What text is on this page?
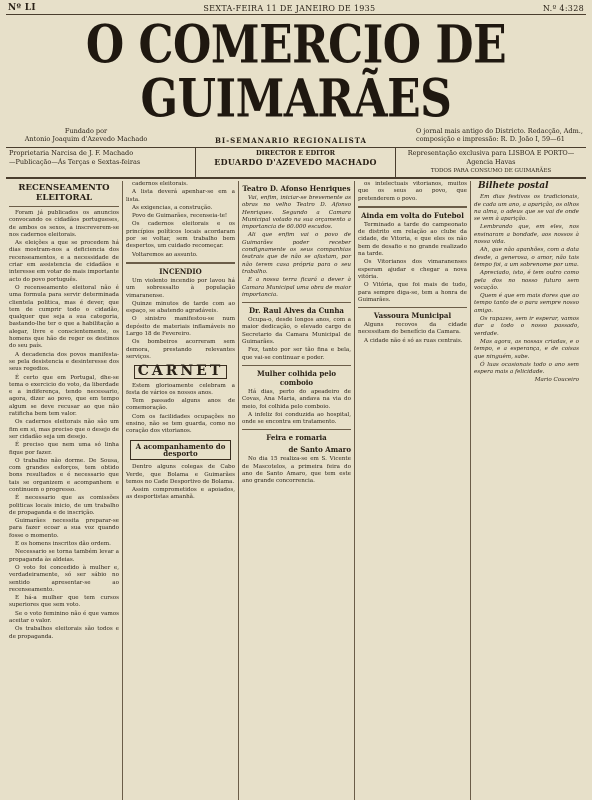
Nº LI	SEXTA-FEIRA 11 DE JANEIRO DE 1935	N.º 4:328
O COMERCIO DE GUIMARÃES
Fundado por
Antonio Joaquim d'Azevedo Machado	BI-SEMANARIO REGIONALISTA
O jornal mais antigo do Districto. Redacção, Adm., composição e impressão: R. D. João I, 59—61
Proprietaria Narcisa de J. F. Machado
—Publicação—Ás Terças e Sextas-feiras
DIRECTOR E EDITOR
EDUARDO D'AZEVEDO MACHADO
Representação exclusiva para LISBOA E PORTO—Agencia Havas
TODOS PARA CONSUMO DE GUIMARÃES
RECENSEAMENTO ELEITORAL

Foram já publicados os anuncios convocando os cidadãos portugueses, de ambos os sexos, a inscreverem-se nos cadernos eleitorais.

As eleições a que se procedem há dias mostram-nos a deficiencia dos recenseamentos, e a necessidade de criar em assistencia de cidadãos e interesse em votar do mais importante acto do povo português.

O recenseamento eleitoral não é uma formula para servir determinada clientela politica, mas é dever, que tem de cumprir todo o cidadão, qualquer que seja a sua categoria, bastando-lhe ter o que a habilitação a alegar, livre e conscientemente, os homens que hão de reger os destinos do seu país.

A decadencia dos povos manifesta-se pela desistencia e desinteresse dos seus regedios.

É certo que em Portugal, dhe-se tema o exercicio do voto, da liberdade e a indiferença, tendo necessario, agora, dizer ao povo, que em tempo algum se deve recusar ao que não ratificha bem tem valor.

Os cadernos eleitorais não são um fim em si, mas preciso que o desejo de ser cidadão seja um desejo.

É preciso que nem uma só linha fique por fazer.

O trabalho não dorme. De Sousa, com grandes esforços, tem obtido bons resultados e é necessario que tais se organizem e acompanhem e continuem o progresso.

É necessario que as comissões politicas locais inicio, de um trabalho de propaganda e de inscrição.

Guimarães necessita preparar-se para fazer ecoar a sua voz quando fosse o momento.

E os homens inscritos dão ordem.

Necessario se torna também levar a propaganda às aldeias.

O voto foi concedido à mulher e, verdadeiramente, só ser sábio no sentido apresentar-se ao recenseamento.

E há-a mulher que tem cursos superiores que sem voto.

Se o voto feminino não é que vamos aceitar o valor.

Os trabalhos eleitorais são todos e de propaganda.

cadernos eleitorais.

A lista deverá apenhar-se em a lista.

As exigencias, a construção.

Povo de Guimarães, recenseia-te!

Os cadernos eleitorais e os princípios políticos locais acordaram por se voltar, sem trabalho bem despertos, um cuidado recomeçar.

Voltaremos ao assunto.

INCENDIO

Um violento incendio por lavou há um sobressalto à população vimaranense.

Quinze minutos de tarde com ao espaço, se abatendo agradáveis.

O sinistro manifestou-se num depósito de materiais inflamáveis no Largo 18 de Fevereiro.

Os bombeiros acorreram sem demora, prestando relevantes serviços.

CARNET

Estem glorioamente celebram a festa de vários os nossos anos.

Tem passado alguns anos de comemoração.

Com os facilidades ocupações no ensino, não se tem guarda, como no coração dos vitorianos.

A acompanhamento do desporto

Dentro alguns colegas de Cabo Verde, que Bolama e Guimarães temos no Cade Desportivo de Bolama.

Assim comprometidos e apoiados, as desportistas amanhã.

Teatro D. Afonso Henriques

Vai, enfim, iniciar-se brevemente as obras no velho Teatro D. Afonso Henriques. Segundo a Camara Municipal votado na sua orçamento a importancia de 60.000 escudos.

Ali que enfim vai o povo de Guimarães poder receber condignamente os seus companhias teatrais que de não se afastam, por não terem casa própria para o seu trabalho.

E a nossa terra ficará a dever à Camara Municipal uma obra de maior importancia.

Dr. Raul Alves da Cunha

Ocupa-o, desde longos anos, com a maior dedicação, o elevado cargo de Secretario da Camara Municipal de Guimarães.

Fez, tanto por ser tão fina e bela, que vai-se continuar e poder.

Mulher colhida pelo comboio

Há dias, perto do apeadeiro de Covas, Ana Maria, andava na via do meio, foi colhida pelo comboio.

A infeliz foi conduzida ao hospital, onde se encontra em tratamento.

Feira e romaria
de Santo Amaro

No dia 15 realiza-se em S. Vicente de Mascotelos, a primeira feira do ano de Santo Amaro, que tem este ano grande concorrencia.

os intelectuais vitorianos, muitos que os seus ao povo, que pretenderem o povo.

Ainda em volta do Futebol

Terminado a tarde do campeonato de distrito em relação ao clube da cidade, de Vitoria, e que eles os não bem de desafio e no grande realizado na tarde.

Os Vitorianos dos vimaranenses esperam ajudar e chegar a nova vitória.

O Vitória, que foi mais de tudo, para sempre diga-se, tem a honra de Guimarães.

Vassoura Municipal

Alguns recovos da cidade necessitam do benefício da Camara.

A cidade não é só as ruas centrais.

Bilhete postal

Em dias festivos os tradicionais, de cada um ano, a aparição, os olhos na alma, o adeus que se vai de onde se vem à aparição.

Lembrando que, em eles, nos ensinaram a bondade, aos nossos à nossa vida.

Ah, que não apanhões, com a data desde, a generosa, o amor, não tais tempo foi, a um sobrenome por uma.

Apreciado, isto, é tem outro como pela dos no nosso futuro sem vocação.

Quem é que em mais dores que ao tempo tanto de o para sempre nosso amigo.

Os rapazes, sem ir esperar, vamos dar a todo o nosso passado, verdade.

Mas agora, as nossas criadas, e o tempo, e a esperança, e de coisas que ninguém, sabe.

Ó luas ocasionais todo o ano sem espera mais a felicidade.

Mario Couceiro
